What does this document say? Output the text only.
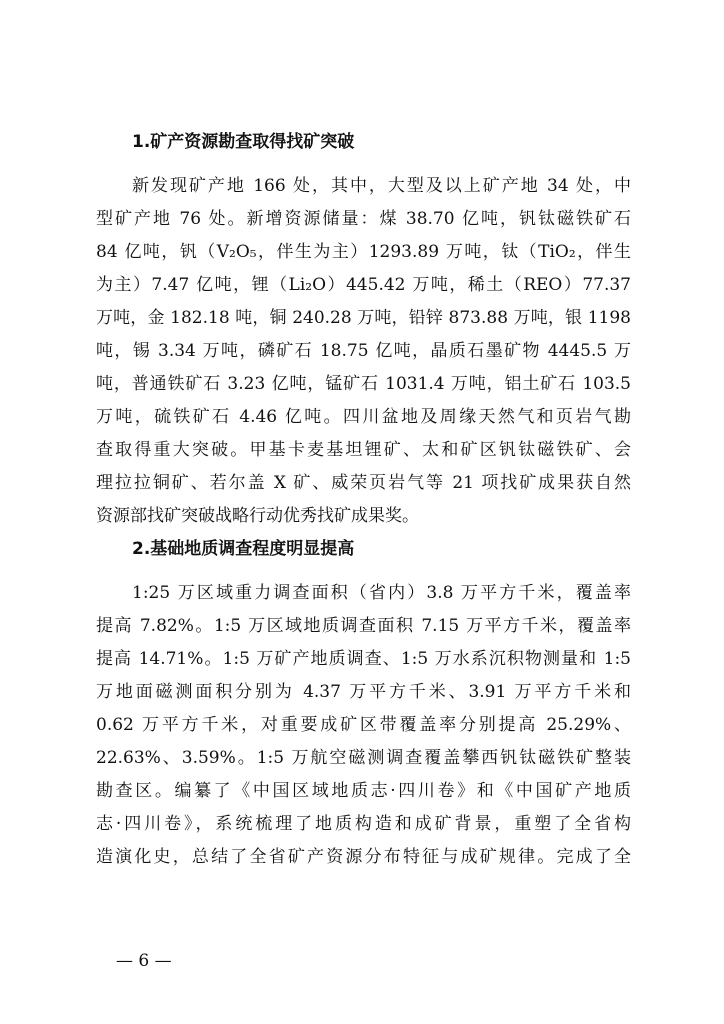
1.矿产资源勘查取得找矿突破
新发现矿产地 166 处，其中，大型及以上矿产地 34 处，中
型矿产地 76 处。新增资源储量：煤 38.70 亿吨，钒钛磁铁矿石
84 亿吨，钒（V₂O₅，伴生为主）1293.89 万吨，钛（TiO₂，伴生
为主）7.47 亿吨，锂（Li₂O）445.42 万吨，稀土（REO）77.37
万吨，金 182.18 吨，铜 240.28 万吨，铅锌 873.88 万吨，银 1198
吨，锡 3.34 万吨，磷矿石 18.75 亿吨，晶质石墨矿物 4445.5 万
吨，普通铁矿石 3.23 亿吨，锰矿石 1031.4 万吨，铝土矿石 103.5
万吨，硫铁矿石 4.46 亿吨。四川盆地及周缘天然气和页岩气勘
查取得重大突破。甲基卡麦基坦锂矿、太和矿区钒钛磁铁矿、会
理拉拉铜矿、若尔盖 X 矿、威荣页岩气等 21 项找矿成果获自然
资源部找矿突破战略行动优秀找矿成果奖。
2.基础地质调查程度明显提高
1:25 万区域重力调查面积（省内）3.8 万平方千米，覆盖率
提高 7.82%。1:5 万区域地质调查面积 7.15 万平方千米，覆盖率
提高 14.71%。1:5 万矿产地质调查、1:5 万水系沉积物测量和 1:5
万地面磁测面积分别为 4.37 万平方千米、3.91 万平方千米和
0.62 万平方千米，对重要成矿区带覆盖率分别提高 25.29%、
22.63%、3.59%。1:5 万航空磁测调查覆盖攀西钒钛磁铁矿整装
勘查区。编纂了《中国区域地质志·四川卷》和《中国矿产地质
志·四川卷》，系统梳理了地质构造和成矿背景，重塑了全省构
造演化史，总结了全省矿产资源分布特征与成矿规律。完成了全
— 6 —
